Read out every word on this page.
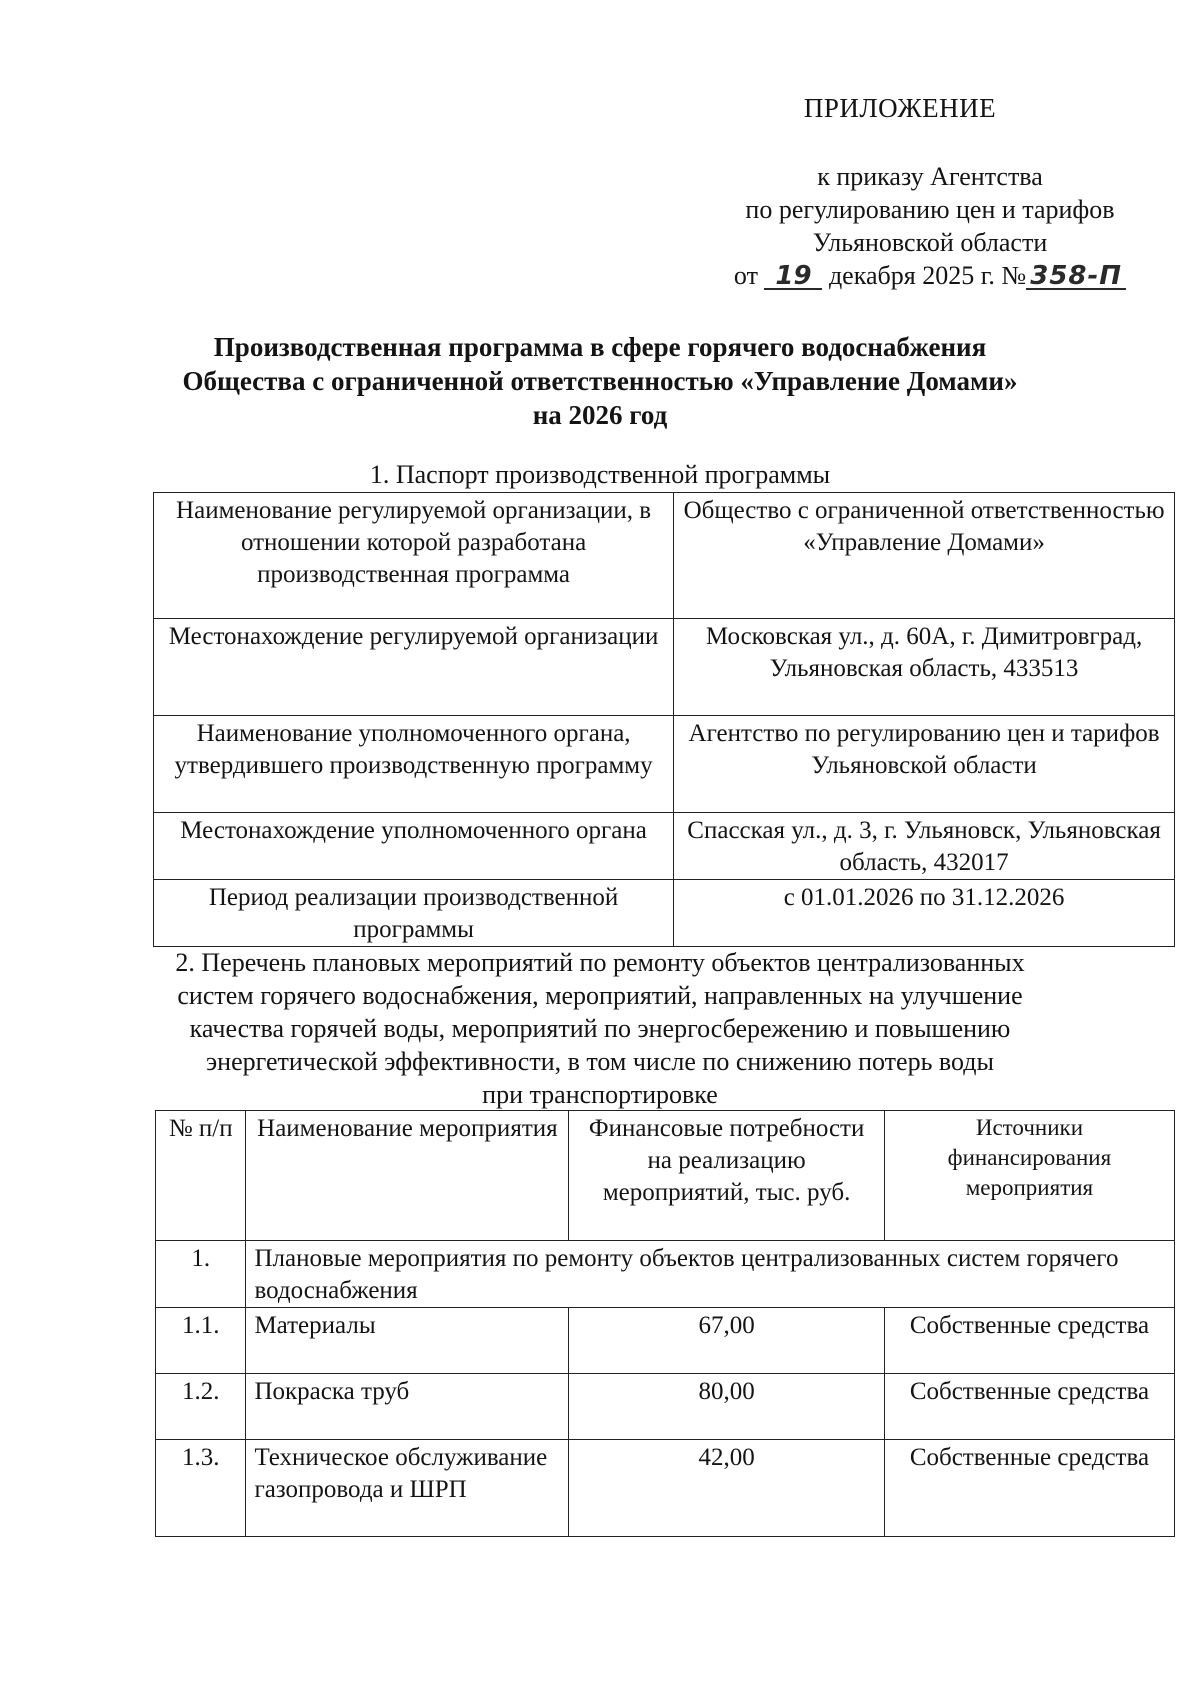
ПРИЛОЖЕНИЕ
к приказу Агентства
по регулированию цен и тарифов
Ульяновской области
от 19 декабря 2025 г. № 358-П
Производственная программа в сфере горячего водоснабжения
Общества с ограниченной ответственностью «Управление Домами»
на 2026 год
1. Паспорт производственной программы
Наименование регулируемой организации, в отношении которой разработана производственная программа	Общество с ограниченной ответственностью «Управление Домами»
Местонахождение регулируемой организации	Московская ул., д. 60А, г. Димитровград, Ульяновская область, 433513
Наименование уполномоченного органа, утвердившего производственную программу	Агентство по регулированию цен и тарифов Ульяновской области
Местонахождение уполномоченного органа	Спасская ул., д. 3, г. Ульяновск, Ульяновская область, 432017
Период реализации производственной программы	с 01.01.2026 по 31.12.2026
2. Перечень плановых мероприятий по ремонту объектов централизованных
систем горячего водоснабжения, мероприятий, направленных на улучшение
качества горячей воды, мероприятий по энергосбережению и повышению
энергетической эффективности, в том числе по снижению потерь воды
при транспортировке
№ п/п	Наименование мероприятия	Финансовые потребности на реализацию мероприятий, тыс. руб.	Источники финансирования мероприятия
1.	Плановые мероприятия по ремонту объектов централизованных систем горячего водоснабжения		
1.1.	Материалы	67,00	Собственные средства
1.2.	Покраска труб	80,00	Собственные средства
1.3.	Техническое обслуживание газопровода и ШРП	42,00	Собственные средства
